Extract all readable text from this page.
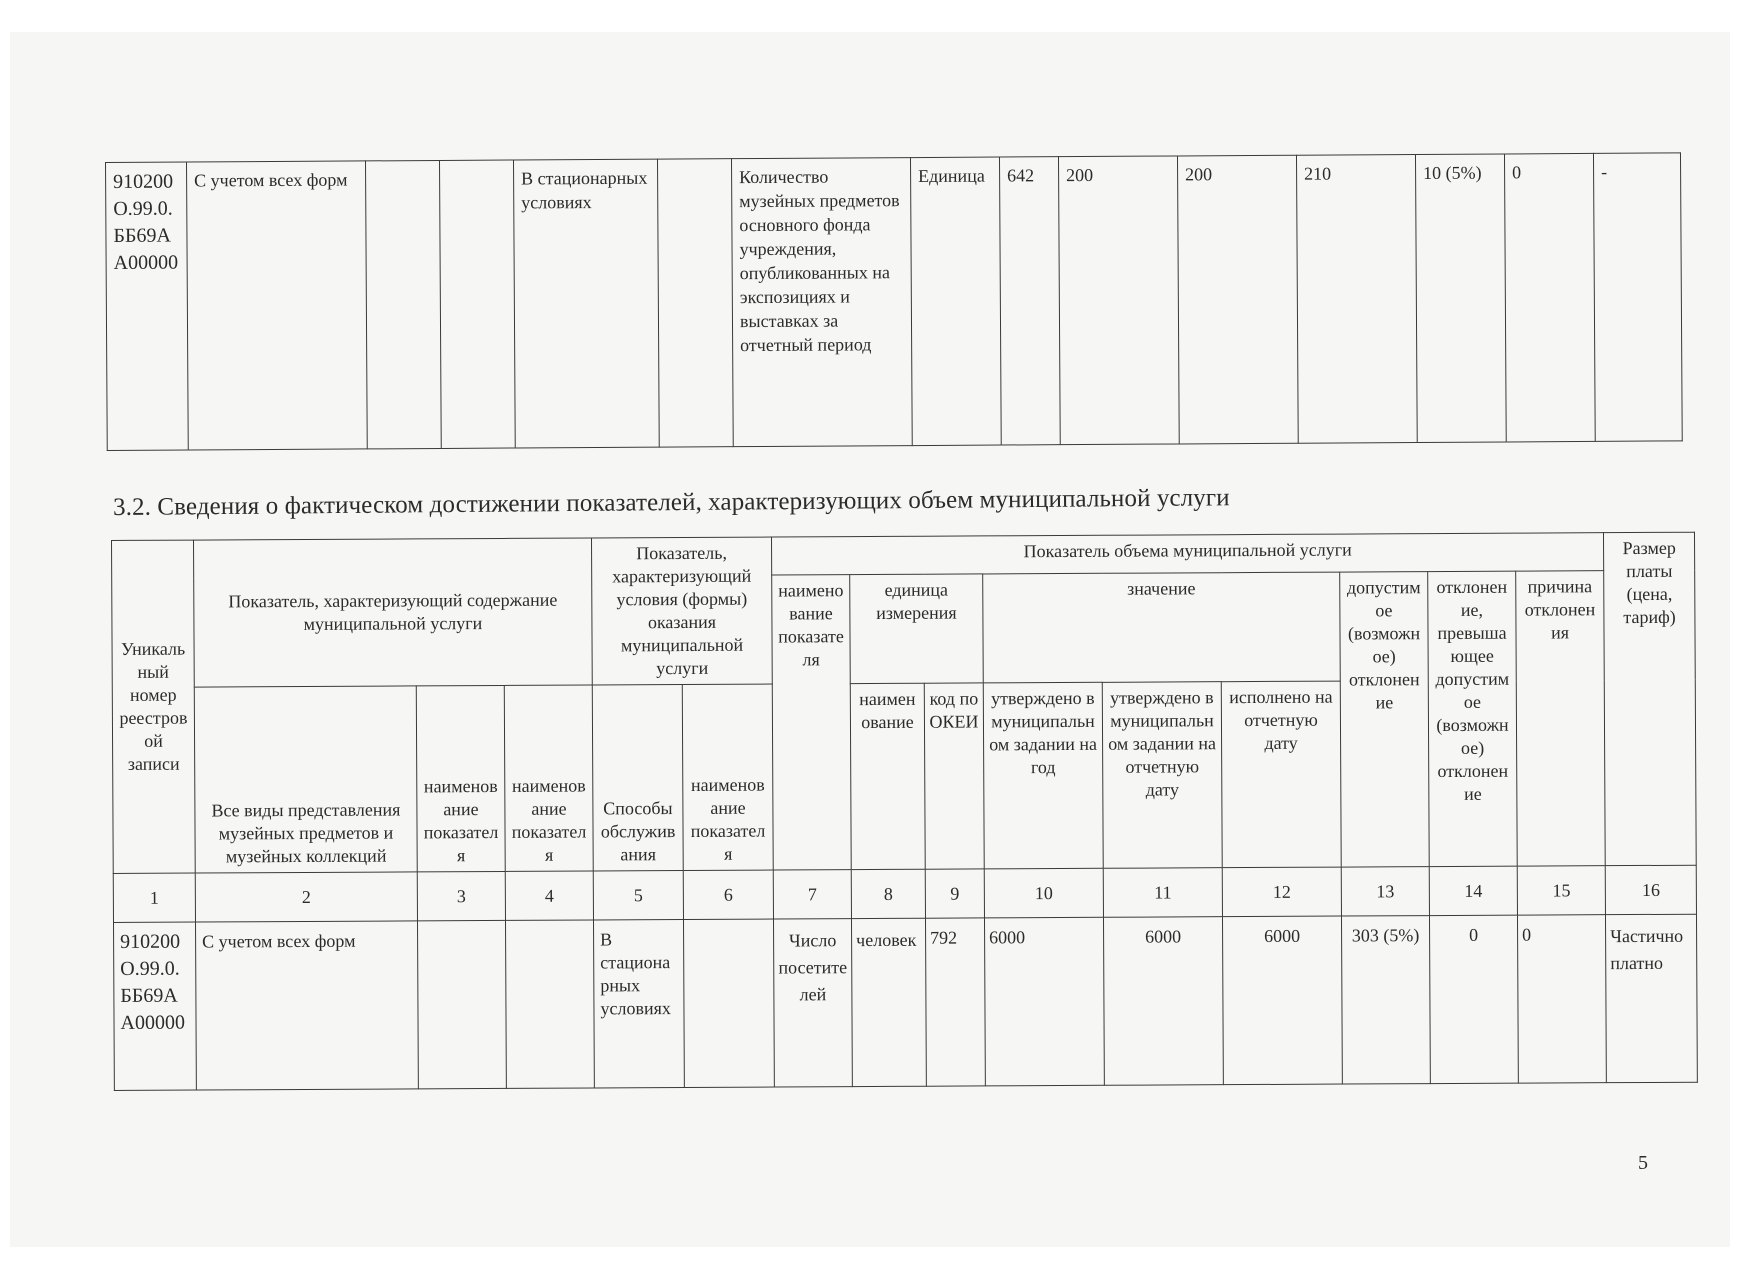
910200О.99.0.ББ69АА00000	С учетом всех форм			В стационарных условиях		Количество музейных предметов основного фонда учреждения, опубликованных на экспозициях и выставках за отчетный период	Единица	642	200	200	210	10 (5%)	0	-
3.2. Сведения о фактическом достижении показателей, характеризующих объем муниципальной услуги
Уникальный номер реестровой записи	Показатель, характеризующий содержание муниципальной услуги			Показатель, характеризующий условия (формы) оказания муниципальной услуги		Показатель объема муниципальной услуги									Размер платы (цена, тариф)
						наименование показателя	единица измерения		значение			допустимое (возможное) отклонение	отклонение, превышающее допустимое (возможное) отклонение	причина отклонения	
	Все виды представления музейных предметов и музейных коллекций	наименование показателя	наименование показателя	Способы обслуживания	наименование показателя		наименование	код по ОКЕИ	утверждено в муниципальном задании на год	утверждено в муниципальном задании на отчетную дату	исполнено на отчетную дату				
1	2	3	4	5	6	7	8	9	10	11	12	13	14	15	16
910200О.99.0.ББ69АА00000	С учетом всех форм			В стационарных условиях		Число посетителей	человек	792	6000	6000	6000	303 (5%)	0	0	Частично платно
5
